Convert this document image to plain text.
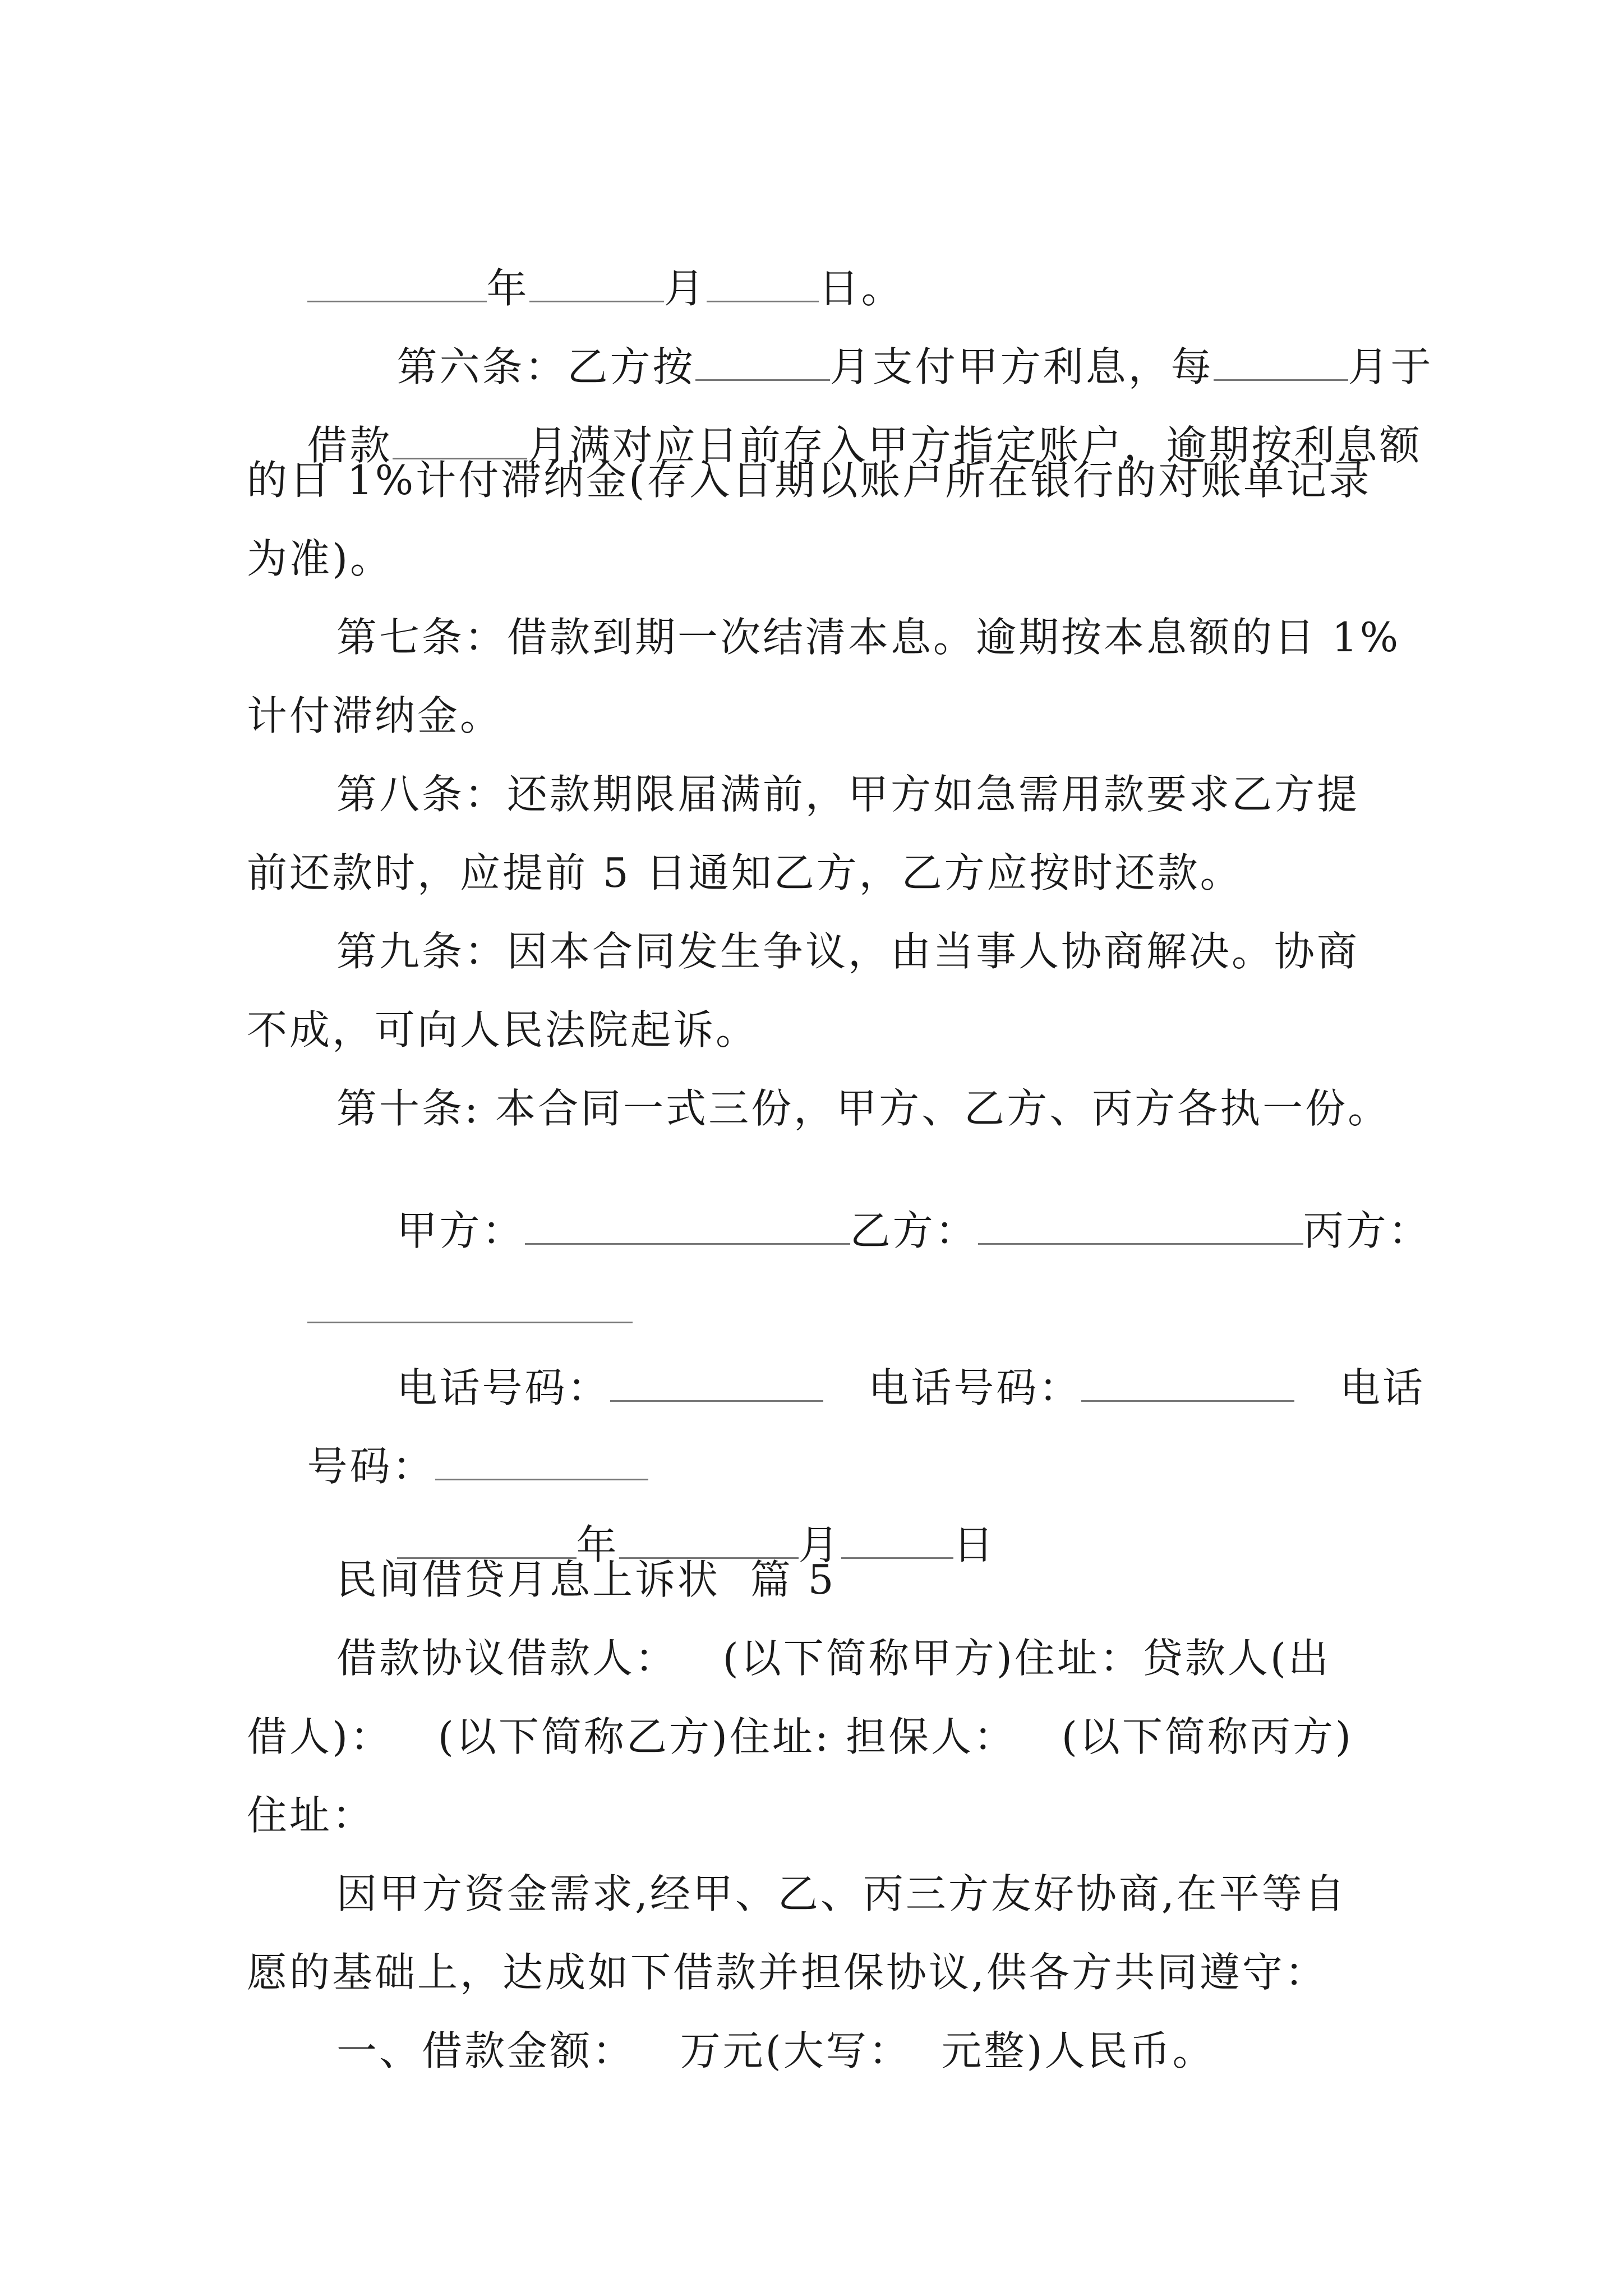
年	月	日。

第六条：乙方按	月支付甲方利息，每	月于

借款	月满对应日前存入甲方指定账户，逾期按利息额

的日 1%计付滞纳金(存入日期以账户所在银行的对账单记录
为准)。
第七条：借款到期一次结清本息。逾期按本息额的日 1%
计付滞纳金。
第八条：还款期限届满前，甲方如急需用款要求乙方提
前还款时，应提前 5 日通知乙方，乙方应按时还款。
第九条：因本合同发生争议，由当事人协商解决。协商
不成，可向人民法院起诉。
第十条: 本合同一式三份，甲方、乙方、丙方各执一份。

甲方：	乙方：	丙方：

电话号码：	电话号码：	电话

号码：

年	月	日

民间借贷月息上诉状  篇 5
借款协议借款人：   (以下简称甲方)住址：贷款人(出
借人)：   (以下简称乙方)住址: 担保人：   (以下简称丙方)
住址：
因甲方资金需求,经甲、乙、丙三方友好协商,在平等自
愿的基础上，达成如下借款并担保协议,供各方共同遵守：
一、借款金额：   万元(大写：  元整)人民币。
